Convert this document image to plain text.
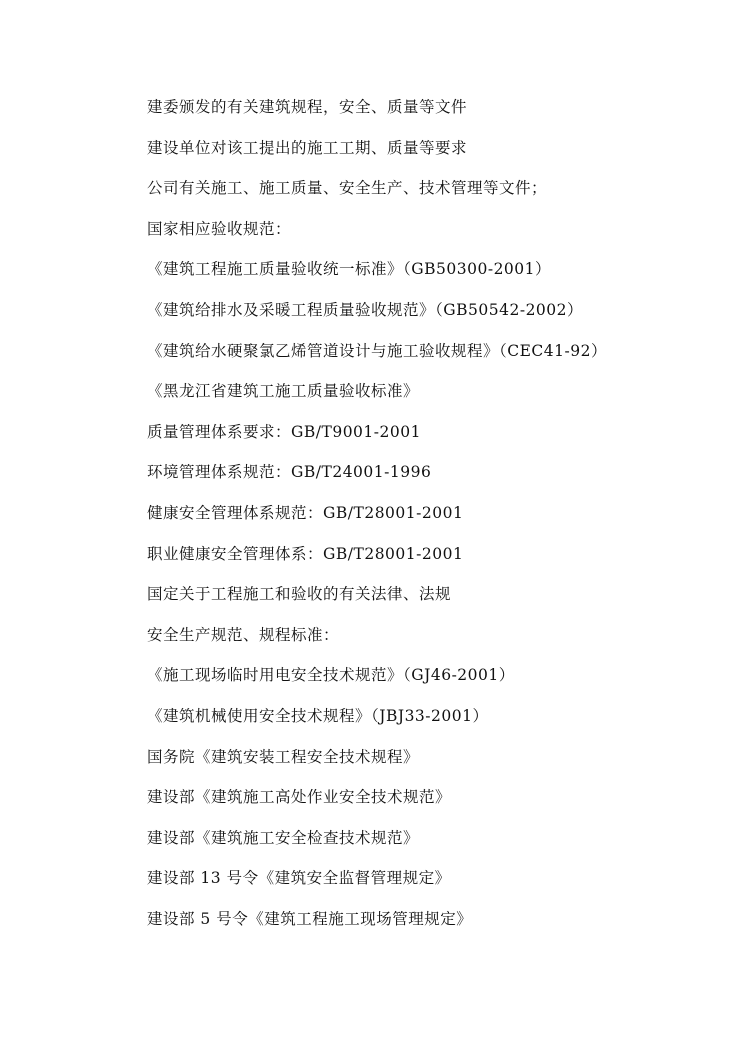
建委颁发的有关建筑规程，安全、质量等文件
建设单位对该工提出的施工工期、质量等要求
公司有关施工、施工质量、安全生产、技术管理等文件；
国家相应验收规范：
《建筑工程施工质量验收统一标准》（GB50300-2001）
《建筑给排水及采暖工程质量验收规范》（GB50542-2002）
《建筑给水硬聚氯乙烯管道设计与施工验收规程》（CEC41-92）
《黑龙江省建筑工施工质量验收标准》
质量管理体系要求：GB/T9001-2001
环境管理体系规范：GB/T24001-1996
健康安全管理体系规范：GB/T28001-2001
职业健康安全管理体系：GB/T28001-2001
国定关于工程施工和验收的有关法律、法规
安全生产规范、规程标准：
《施工现场临时用电安全技术规范》（GJ46-2001）
《建筑机械使用安全技术规程》（JBJ33-2001）
国务院《建筑安装工程安全技术规程》
建设部《建筑施工高处作业安全技术规范》
建设部《建筑施工安全检查技术规范》
建设部 13 号令《建筑安全监督管理规定》
建设部 5 号令《建筑工程施工现场管理规定》
